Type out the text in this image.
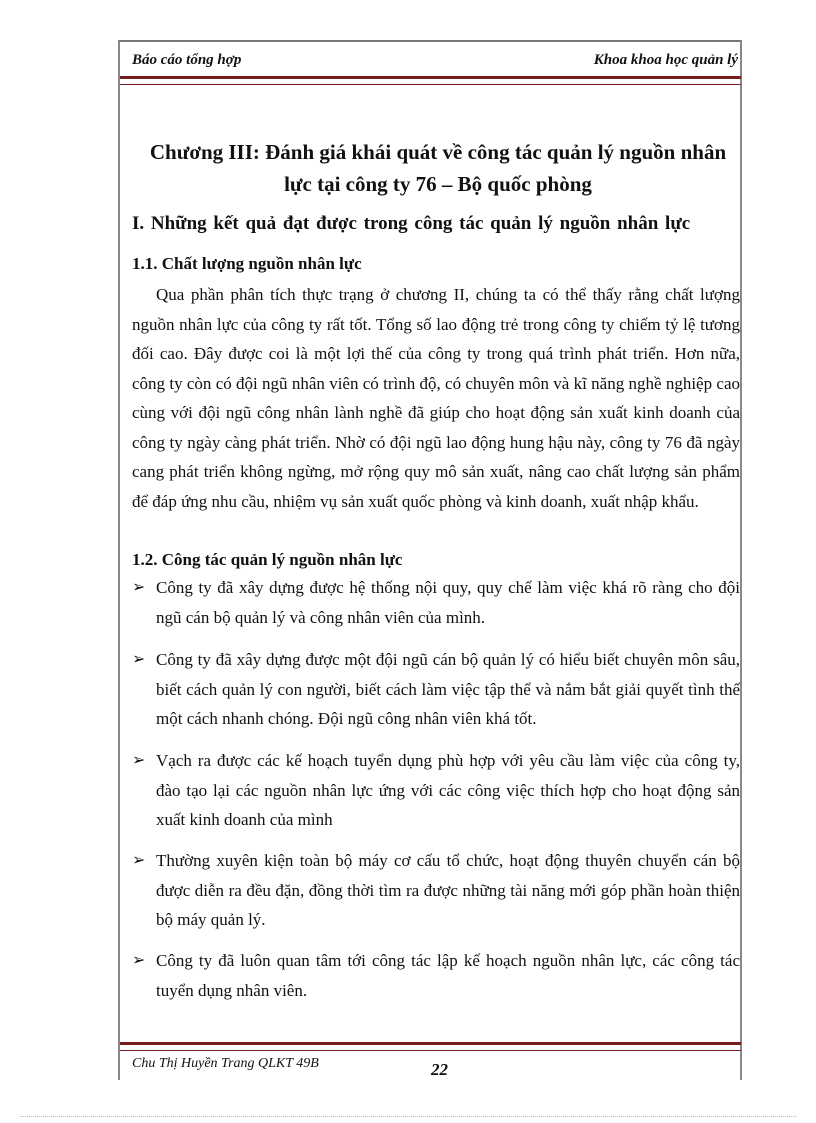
Báo cáo tổng hợp	Khoa khoa học quản lý
Chương III: Đánh giá khái quát về công tác quản lý nguồn nhân
lực tại công ty 76 – Bộ quốc phòng
I. Những kết quả đạt được trong công tác quản lý nguồn nhân lực
1.1. Chất lượng nguồn nhân lực
Qua phần phân tích thực trạng ở chương II, chúng ta có thể thấy rằng chất lượng nguồn nhân lực của công ty rất tốt. Tổng số lao động trẻ trong công ty chiếm tỷ lệ tương đối cao. Đây được coi là một lợi thế của công ty trong quá trình phát triển. Hơn nữa, công ty còn có đội ngũ nhân viên có trình độ, có chuyên môn và kĩ năng nghề nghiệp cao cùng với đội ngũ công nhân lành nghề đã giúp cho hoạt động sản xuất kinh doanh của công ty ngày càng phát triển. Nhờ có đội ngũ lao động hung hậu này, công ty 76 đã ngày cang phát triển không ngừng, mở rộng quy mô sản xuất, nâng cao chất lượng sản phẩm để đáp ứng nhu cầu, nhiệm vụ sản xuất quốc phòng và kinh doanh, xuất nhập khẩu.
1.2. Công tác quản lý nguồn nhân lực
➢ Công ty đã xây dựng được hệ thống nội quy, quy chế làm việc khá rõ ràng cho đội ngũ cán bộ quản lý và công nhân viên của mình.
➢ Công ty đã xây dựng được một đội ngũ cán bộ quản lý có hiểu biết chuyên môn sâu, biết cách quản lý con người, biết cách làm việc tập thể và nắm bắt giải quyết tình thế một cách nhanh chóng. Đội ngũ công nhân viên khá tốt.
➢ Vạch ra được các kế hoạch tuyển dụng phù hợp với yêu cầu làm việc của công ty, đào tạo lại các nguồn nhân lực ứng với các công việc thích hợp cho hoạt động sản xuất kinh doanh của mình
➢ Thường xuyên kiện toàn bộ máy cơ cấu tổ chức, hoạt động thuyên chuyển cán bộ được diễn ra đều đặn, đồng thời tìm ra được những tài năng mới góp phần hoàn thiện bộ máy quản lý.
➢ Công ty đã luôn quan tâm tới công tác lập kế hoạch nguồn nhân lực, các công tác tuyển dụng nhân viên.
Chu Thị Huyền Trang QLKT 49B	22
